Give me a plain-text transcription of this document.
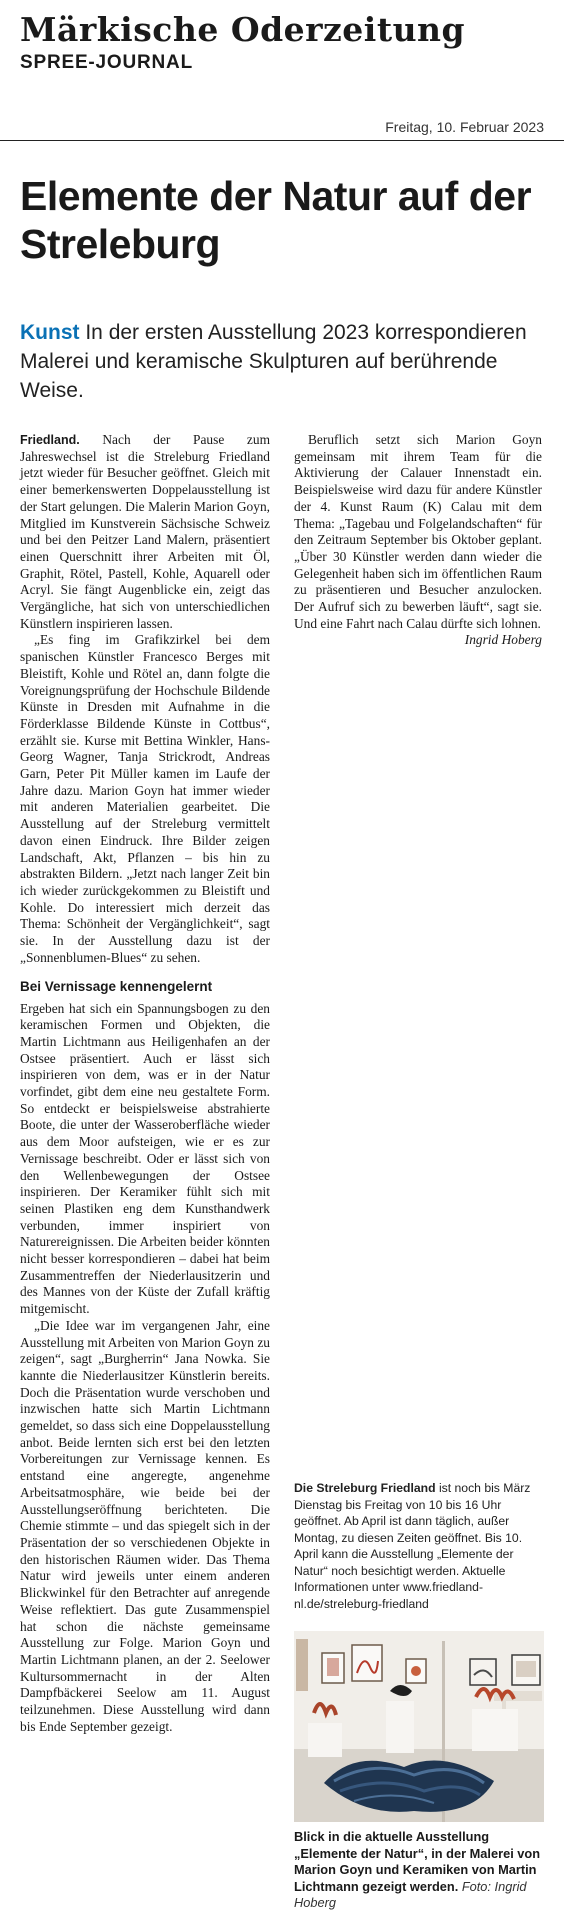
Märkische Oderzeitung
SPREE-JOURNAL
Freitag, 10. Februar 2023
Elemente der Natur auf der Streleburg
Kunst In der ersten Ausstellung 2023 korrespondieren Malerei und keramische Skulpturen auf berührende Weise.

Friedland. Nach der Pause zum Jahreswechsel ist die Streleburg Friedland jetzt wieder für Besucher geöffnet. Gleich mit einer bemerkenswerten Doppelausstellung ist der Start gelungen. Die Malerin Marion Goyn, Mitglied im Kunstverein Sächsische Schweiz und bei den Peitzer Land Malern, präsentiert einen Querschnitt ihrer Arbeiten mit Öl, Graphit, Rötel, Pastell, Kohle, Aquarell oder Acryl. Sie fängt Augenblicke ein, zeigt das Vergängliche, hat sich von unterschiedlichen Künstlern inspirieren lassen.

„Es fing im Grafikzirkel bei dem spanischen Künstler Francesco Berges mit Bleistift, Kohle und Rötel an, dann folgte die Voreignungsprüfung der Hochschule Bildende Künste in Dresden mit Aufnahme in die Förderklasse Bildende Künste in Cottbus“, erzählt sie. Kurse mit Bettina Winkler, Hans-Georg Wagner, Tanja Strickrodt, Andreas Garn, Peter Pit Müller kamen im Laufe der Jahre dazu. Marion Goyn hat immer wieder mit anderen Materialien gearbeitet. Die Ausstellung auf der Streleburg vermittelt davon einen Eindruck. Ihre Bilder zeigen Landschaft, Akt, Pflanzen – bis hin zu abstrakten Bildern. „Jetzt nach langer Zeit bin ich wieder zurückgekommen zu Bleistift und Kohle. Do interessiert mich derzeit das Thema: Schönheit der Vergänglichkeit“, sagt sie. In der Ausstellung dazu ist der „Sonnenblumen-Blues“ zu sehen.

Bei Vernissage kennengelernt

Ergeben hat sich ein Spannungsbogen zu den keramischen Formen und Objekten, die Martin Lichtmann aus Heiligenhafen an der Ostsee präsentiert. Auch er lässt sich inspirieren von dem, was er in der Natur vorfindet, gibt dem eine neu gestaltete Form. So entdeckt er beispielsweise abstrahierte Boote, die unter der Wasseroberfläche wieder aus dem Moor aufsteigen, wie er es zur Vernissage beschreibt. Oder er lässt sich von den Wellenbewegungen der Ostsee inspirieren. Der Keramiker fühlt sich mit seinen Plastiken eng dem Kunsthandwerk verbunden, immer inspiriert von Naturereignissen. Die Arbeiten beider könnten nicht besser korrespondieren – dabei hat beim Zusammentreffen der Niederlausitzerin und des Mannes von der Küste der Zufall kräftig mitgemischt.

„Die Idee war im vergangenen Jahr, eine Ausstellung mit Arbeiten von Marion Goyn zu zeigen“, sagt „Burgherrin“ Jana Nowka. Sie kannte die Niederlausitzer Künstlerin bereits. Doch die Präsentation wurde verschoben und inzwischen hatte sich Martin Lichtmann gemeldet, so dass sich eine Doppelausstellung anbot. Beide lernten sich erst bei den letzten Vorbereitungen zur Vernissage kennen. Es entstand eine angeregte, angenehme Arbeitsatmosphäre, wie beide bei der Ausstellungseröffnung berichteten. Die Chemie stimmte – und das spiegelt sich in der Präsentation der so verschiedenen Objekte in den historischen Räumen wider. Das Thema Natur wird jeweils unter einem anderen Blickwinkel für den Betrachter auf anregende Weise reflektiert. Das gute Zusammenspiel hat schon die nächste gemeinsame Ausstellung zur Folge. Marion Goyn und Martin Lichtmann planen, an der 2. Seelower Kultursommernacht in der Alten Dampfbäckerei Seelow am 11. August teilzunehmen. Diese Ausstellung wird dann bis Ende September gezeigt.

Beruflich setzt sich Marion Goyn gemeinsam mit ihrem Team für die Aktivierung der Calauer Innenstadt ein. Beispielsweise wird dazu für andere Künstler der 4. Kunst Raum (K) Calau mit dem Thema: „Tagebau und Folgelandschaften“ für den Zeitraum September bis Oktober geplant. „Über 30 Künstler werden dann wieder die Gelegenheit haben sich im öffentlichen Raum zu präsentieren und Besucher anzulocken. Der Aufruf sich zu bewerben läuft“, sagt sie. Und eine Fahrt nach Calau dürfte sich lohnen.

Ingrid Hoberg
Die Streleburg Friedland ist noch bis März Dienstag bis Freitag von 10 bis 16 Uhr geöffnet. Ab April ist dann täglich, außer Montag, zu diesen Zeiten geöffnet. Bis 10. April kann die Ausstellung „Elemente der Natur“ noch besichtigt werden. Aktuelle Informationen unter www.friedland-nl.de/streleburg-friedland
Blick in die aktuelle Ausstellung „Elemente der Natur“, in der Malerei von Marion Goyn und Keramiken von Martin Lichtmann gezeigt werden. Foto: Ingrid Hoberg
